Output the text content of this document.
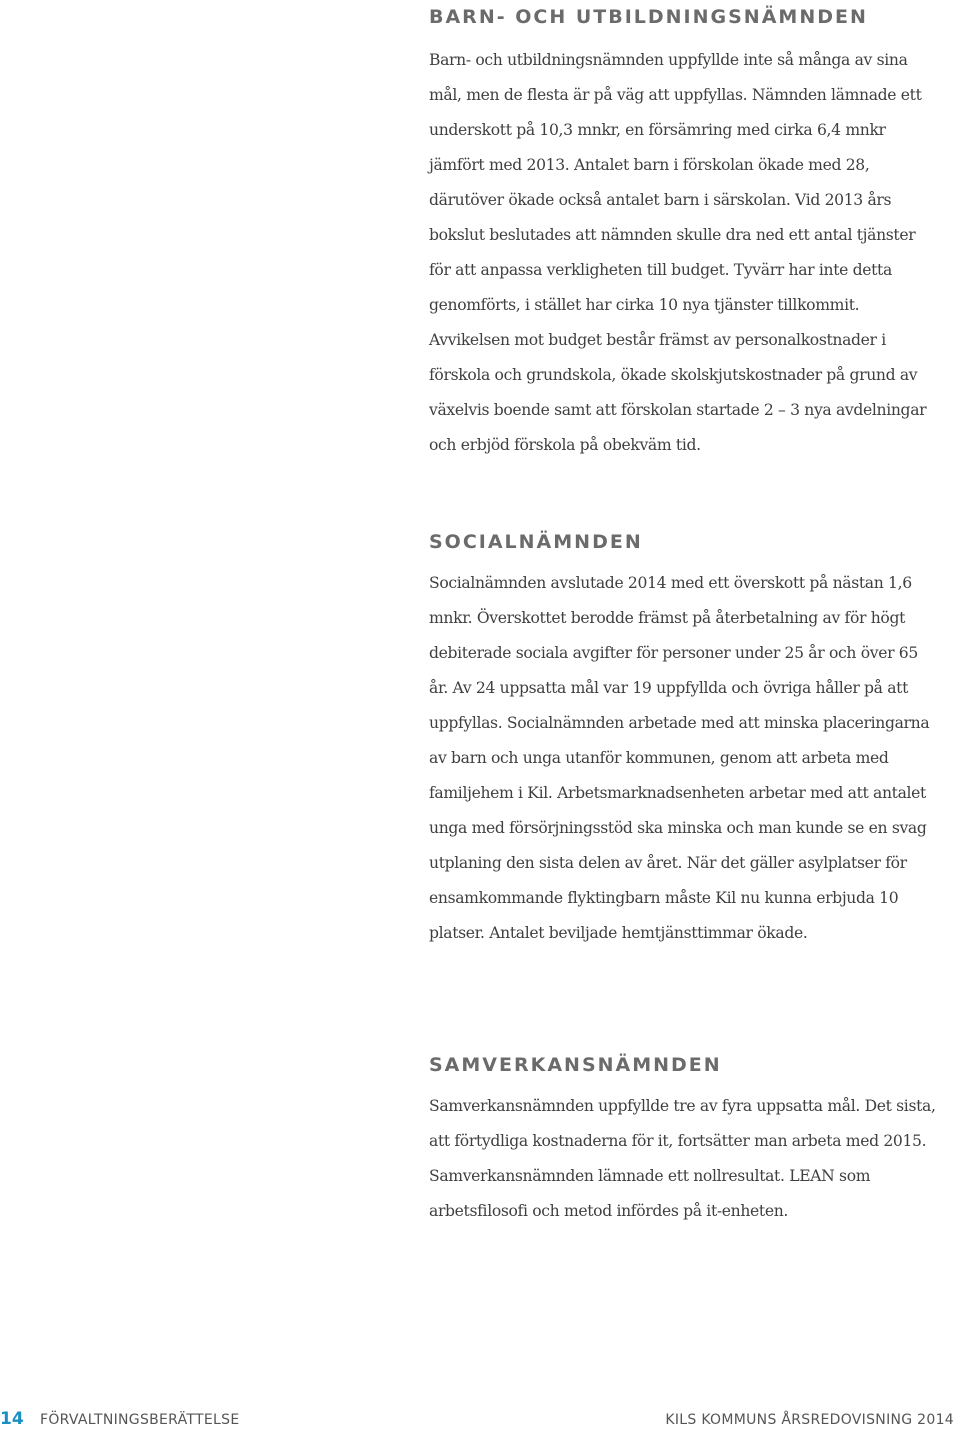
BARN- OCH UTBILDNINGSNÄMNDEN

Barn- och utbildningsnämnden uppfyllde inte så många av sina mål, men de flesta är på väg att uppfyllas. Nämnden lämnade ett underskott på 10,3 mnkr, en försämring med cirka 6,4 mnkr jämfört med 2013. Antalet barn i förskolan ökade med 28, därutöver ökade också antalet barn i särskolan. Vid 2013 års bokslut beslutades att nämnden skulle dra ned ett antal tjänster för att anpassa verkligheten till budget. Tyvärr har inte detta genomförts, i stället har cirka 10 nya tjänster tillkommit. Avvikelsen mot budget består främst av personalkostnader i förskola och grundskola, ökade skolskjutskostnader på grund av växelvis boende samt att förskolan startade 2 – 3 nya avdelningar och erbjöd förskola på obekväm tid.

SOCIALNÄMNDEN

Socialnämnden avslutade 2014 med ett överskott på nästan 1,6 mnkr. Överskottet berodde främst på återbetalning av för högt debiterade sociala avgifter för personer under 25 år och över 65 år. Av 24 uppsatta mål var 19 uppfyllda och övriga håller på att uppfyllas. Socialnämnden arbetade med att minska placeringarna av barn och unga utanför kommunen, genom att arbeta med familjehem i Kil. Arbetsmarknadsenheten arbetar med att antalet unga med försörjningsstöd ska minska och man kunde se en svag utplaning den sista delen av året. När det gäller asylplatser för ensamkommande flyktingbarn måste Kil nu kunna erbjuda 10 platser. Antalet beviljade hemtjänsttimmar ökade.

SAMVERKANSNÄMNDEN

Samverkansnämnden uppfyllde tre av fyra uppsatta mål. Det sista, att förtydliga kostnaderna för it, fortsätter man arbeta med 2015. Samverkansnämnden lämnade ett nollresultat. LEAN som arbetsfilosofi och metod infördes på it-enheten.

14 FÖRVALTNINGSBERÄTTELSE	KILS KOMMUNS ÅRSREDOVISNING 2014
